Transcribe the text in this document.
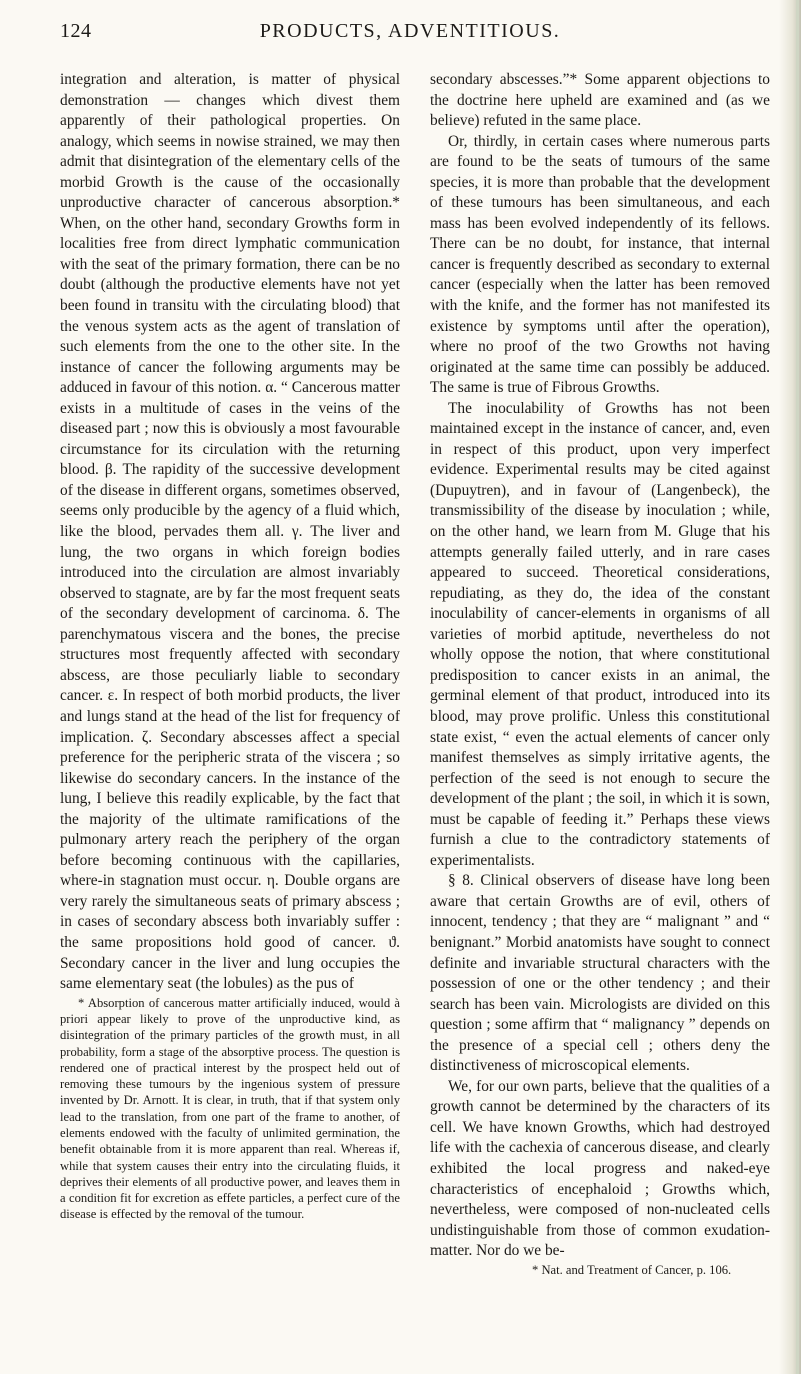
124	PRODUCTS, ADVENTITIOUS.

integration and alteration, is matter of physical demonstration — changes which divest them apparently of their pathological properties. On analogy, which seems in nowise strained, we may then admit that disintegration of the elementary cells of the morbid Growth is the cause of the occasionally unproductive character of cancerous absorption.* When, on the other hand, secondary Growths form in localities free from direct lymphatic communication with the seat of the primary formation, there can be no doubt (although the productive elements have not yet been found in transitu with the circulating blood) that the venous system acts as the agent of translation of such elements from the one to the other site. In the instance of cancer the following arguments may be adduced in favour of this notion. α. “ Cancerous matter exists in a multitude of cases in the veins of the diseased part ; now this is obviously a most favourable circumstance for its circulation with the returning blood. β. The rapidity of the successive development of the disease in different organs, sometimes observed, seems only producible by the agency of a fluid which, like the blood, pervades them all. γ. The liver and lung, the two organs in which foreign bodies introduced into the circulation are almost invariably observed to stagnate, are by far the most frequent seats of the secondary development of carcinoma. δ. The parenchymatous viscera and the bones, the precise structures most frequently affected with secondary abscess, are those peculiarly liable to secondary cancer. ε. In respect of both morbid products, the liver and lungs stand at the head of the list for frequency of implication. ζ. Secondary abscesses affect a special preference for the peripheric strata of the viscera ; so likewise do secondary cancers. In the instance of the lung, I believe this readily explicable, by the fact that the majority of the ultimate ramifications of the pulmonary artery reach the periphery of the organ before becoming continuous with the capillaries, where-in stagnation must occur. η. Double organs are very rarely the simultaneous seats of primary abscess ; in cases of secondary abscess both invariably suffer : the same propositions hold good of cancer. ϑ. Secondary cancer in the liver and lung occupies the same elementary seat (the lobules) as the pus of

* Absorption of cancerous matter artificially induced, would à priori appear likely to prove of the unproductive kind, as disintegration of the primary particles of the growth must, in all probability, form a stage of the absorptive process. The question is rendered one of practical interest by the prospect held out of removing these tumours by the ingenious system of pressure invented by Dr. Arnott. It is clear, in truth, that if that system only lead to the translation, from one part of the frame to another, of elements endowed with the faculty of unlimited germination, the benefit obtainable from it is more apparent than real. Whereas if, while that system causes their entry into the circulating fluids, it deprives their elements of all productive power, and leaves them in a condition fit for excretion as effete particles, a perfect cure of the disease is effected by the removal of the tumour.

secondary abscesses.”* Some apparent objections to the doctrine here upheld are examined and (as we believe) refuted in the same place.

Or, thirdly, in certain cases where numerous parts are found to be the seats of tumours of the same species, it is more than probable that the development of these tumours has been simultaneous, and each mass has been evolved independently of its fellows. There can be no doubt, for instance, that internal cancer is frequently described as secondary to external cancer (especially when the latter has been removed with the knife, and the former has not manifested its existence by symptoms until after the operation), where no proof of the two Growths not having originated at the same time can possibly be adduced. The same is true of Fibrous Growths.

The inoculability of Growths has not been maintained except in the instance of cancer, and, even in respect of this product, upon very imperfect evidence. Experimental results may be cited against (Dupuytren), and in favour of (Langenbeck), the transmissibility of the disease by inoculation ; while, on the other hand, we learn from M. Gluge that his attempts generally failed utterly, and in rare cases appeared to succeed. Theoretical considerations, repudiating, as they do, the idea of the constant inoculability of cancer-elements in organisms of all varieties of morbid aptitude, nevertheless do not wholly oppose the notion, that where constitutional predisposition to cancer exists in an animal, the germinal element of that product, introduced into its blood, may prove prolific. Unless this constitutional state exist, “ even the actual elements of cancer only manifest themselves as simply irritative agents, the perfection of the seed is not enough to secure the development of the plant ; the soil, in which it is sown, must be capable of feeding it.” Perhaps these views furnish a clue to the contradictory statements of experimentalists.

§ 8. Clinical observers of disease have long been aware that certain Growths are of evil, others of innocent, tendency ; that they are “ malignant ” and “ benignant.” Morbid anatomists have sought to connect definite and invariable structural characters with the possession of one or the other tendency ; and their search has been vain. Micrologists are divided on this question ; some affirm that “ malignancy ” depends on the presence of a special cell ; others deny the distinctiveness of microscopical elements.

We, for our own parts, believe that the qualities of a growth cannot be determined by the characters of its cell. We have known Growths, which had destroyed life with the cachexia of cancerous disease, and clearly exhibited the local progress and naked-eye characteristics of encephaloid ; Growths which, nevertheless, were composed of non-nucleated cells undistinguishable from those of common exudation-matter. Nor do we be-

* Nat. and Treatment of Cancer, p. 106.
